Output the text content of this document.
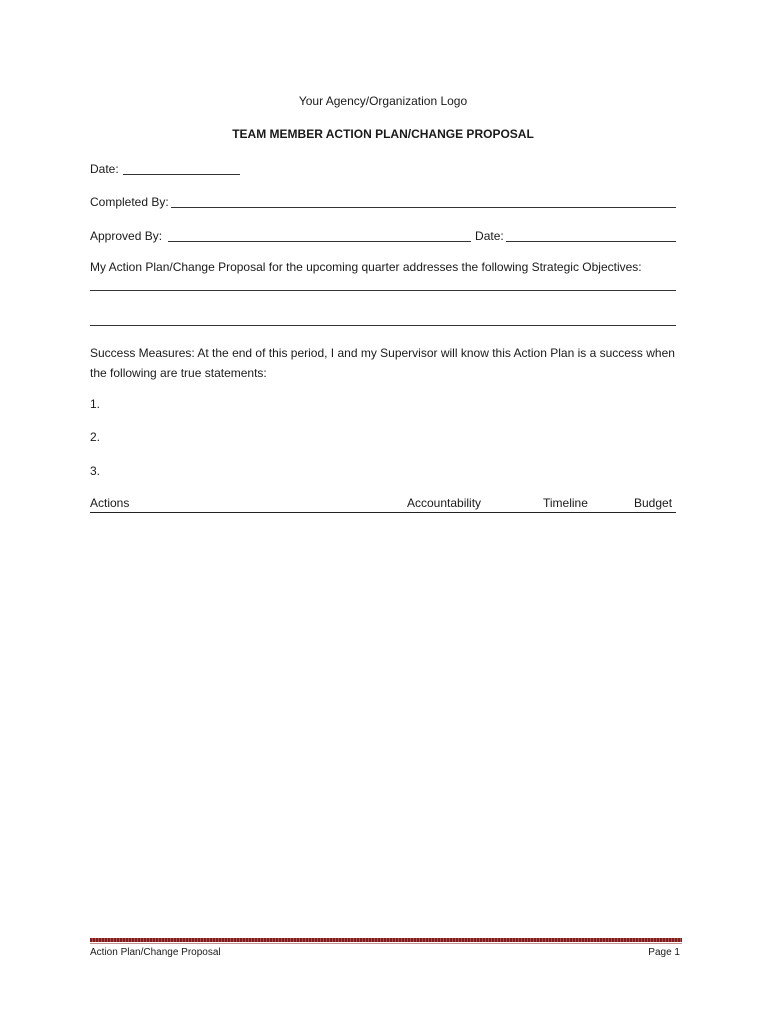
Your Agency/Organization Logo
TEAM MEMBER ACTION PLAN/CHANGE PROPOSAL
Date:
Completed By:
Approved By:	Date:
My Action Plan/Change Proposal for the upcoming quarter addresses the following Strategic Objectives:
Success Measures: At the end of this period, I and my Supervisor will know this Action Plan is a success when the following are true statements:
1.
2.
3.
Actions	Accountability	Timeline	Budget
Action Plan/Change Proposal	Page 1
